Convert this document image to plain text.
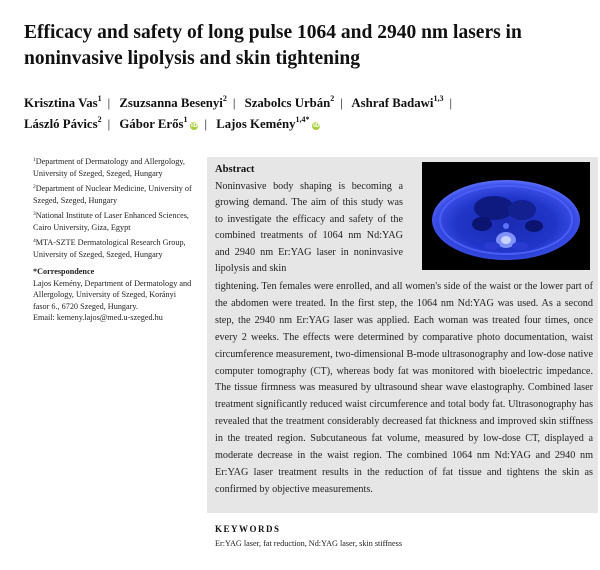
Efficacy and safety of long pulse 1064 and 2940 nm lasers in noninvasive lipolysis and skin tightening
Krisztina Vas$^1$ | Zsuzsanna Besenyi$^2$ | Szabolcs Urbán$^2$ | Ashraf Badawi$^{1,3}$ |
László Pávics$^2$ | Gábor Erős$^1$iD | Lajos Kemény$^{1,4*}$iD
$^1$Department of Dermatology and Allergology, University of Szeged, Szeged, Hungary
$^2$Department of Nuclear Medicine, University of Szeged, Szeged, Hungary
$^3$National Institute of Laser Enhanced Sciences, Cairo University, Giza, Egypt
$^4$MTA-SZTE Dermatological Research Group, University of Szeged, Szeged, Hungary
*Correspondence
Lajos Kemény, Department of Dermatology and Allergology, University of Szeged, Korányi fasor 6., 6720 Szeged, Hungary.
Email: kemeny.lajos@med.u-szeged.hu
Abstract
Noninvasive body shaping is becoming a growing demand. The aim of this study was to investigate the efficacy and safety of the combined treatments of 1064 nm Nd:YAG and 2940 nm Er:YAG laser in noninvasive lipolysis and skin
tightening. Ten females were enrolled, and all women's side of the waist or the lower part of the abdomen were treated. In the first step, the 1064 nm Nd:YAG was used. As a second step, the 2940 nm Er:YAG laser was applied. Each woman was treated four times, once every 2 weeks. The effects were determined by comparative photo documentation, waist circumference measurement, two-dimensional B-mode ultrasonography and low-dose native computer tomography (CT), whereas body fat was monitored with bioelectric impedance. The tissue firmness was measured by ultrasound shear wave elastography. Combined laser treatment significantly reduced waist circumference and total body fat. Ultrasonography has revealed that the treatment considerably decreased fat thickness and improved skin stiffness in the treated region. Subcutaneous fat volume, measured by low-dose CT, displayed a moderate decrease in the waist region. The combined 1064 nm Nd:YAG and 2940 nm Er:YAG laser treatment results in the reduction of fat tissue and tightens the skin as confirmed by objective measurements.
KEYWORDS
Er:YAG laser, fat reduction, Nd:YAG laser, skin stiffness
